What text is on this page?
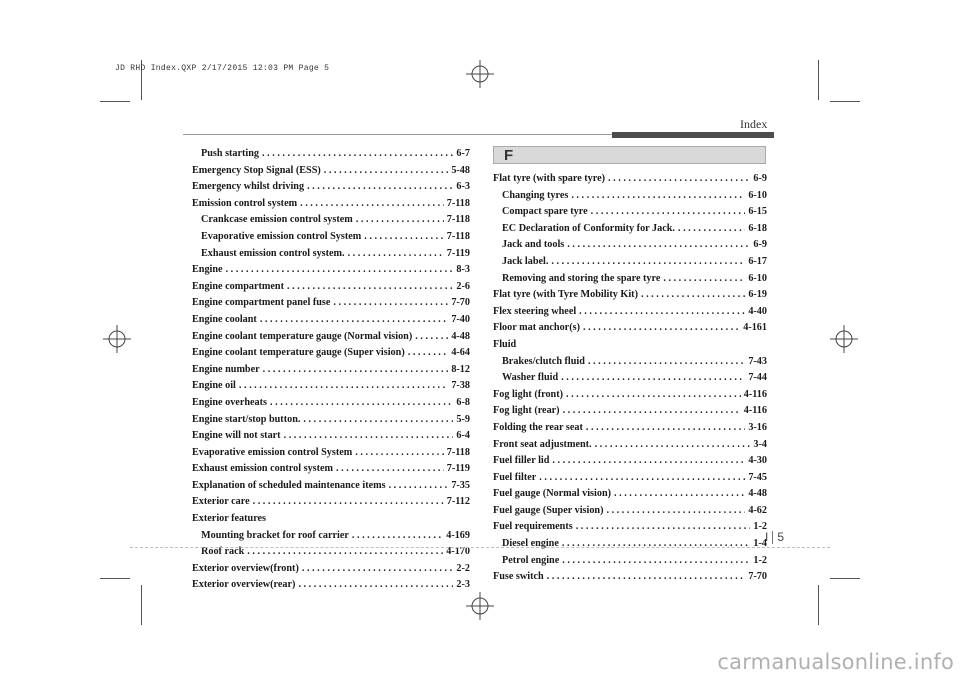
JD RHD Index.QXP 2/17/2015 12:03 PM Page 5
Index
Push starting . . .	6-7
Emergency Stop Signal (ESS) . . .	5-48
Emergency whilst driving . . .	6-3
Emission control system . . .	7-118
Crankcase emission control system . . .	7-118
Evaporative emission control System . . .	7-118
Exhaust emission control system. . . .	7-119
Engine . . .	8-3
Engine compartment . . .	2-6
Engine compartment panel fuse . . .	7-70
Engine coolant . . .	7-40
Engine coolant temperature gauge (Normal vision) . . .	4-48
Engine coolant temperature gauge (Super vision) . . .	4-64
Engine number . . .	8-12
Engine oil . . .	7-38
Engine overheats . . .	6-8
Engine start/stop button. . . .	5-9
Engine will not start . . .	6-4
Evaporative emission control System . . .	7-118
Exhaust emission control system . . .	7-119
Explanation of scheduled maintenance items . . .	7-35
Exterior care . . .	7-112
Exterior features
Mounting bracket for roof carrier . . .	4-169
Roof rack . . .	4-170
Exterior overview(front) . . .	2-2
Exterior overview(rear) . . .	2-3
F
Flat tyre (with spare tyre) . . .	6-9
Changing tyres . . .	6-10
Compact spare tyre . . .	6-15
EC Declaration of Conformity for Jack. . . .	6-18
Jack and tools . . .	6-9
Jack label. . . .	6-17
Removing and storing the spare tyre . . .	6-10
Flat tyre (with Tyre Mobility Kit) . . .	6-19
Flex steering wheel . . .	4-40
Floor mat anchor(s) . . .	4-161
Fluid
Brakes/clutch fluid . . .	7-43
Washer fluid . . .	7-44
Fog light (front) . . .	4-116
Fog light (rear) . . .	4-116
Folding the rear seat . . .	3-16
Front seat adjustment. . . .	3-4
Fuel filler lid . . .	4-30
Fuel filter . . .	7-45
Fuel gauge (Normal vision) . . .	4-48
Fuel gauge (Super vision) . . .	4-62
Fuel requirements . . .	1-2
Diesel engine . . .	1-4
Petrol engine . . .	1-2
Fuse switch . . .	7-70
I 5
carmanualsonline.info
